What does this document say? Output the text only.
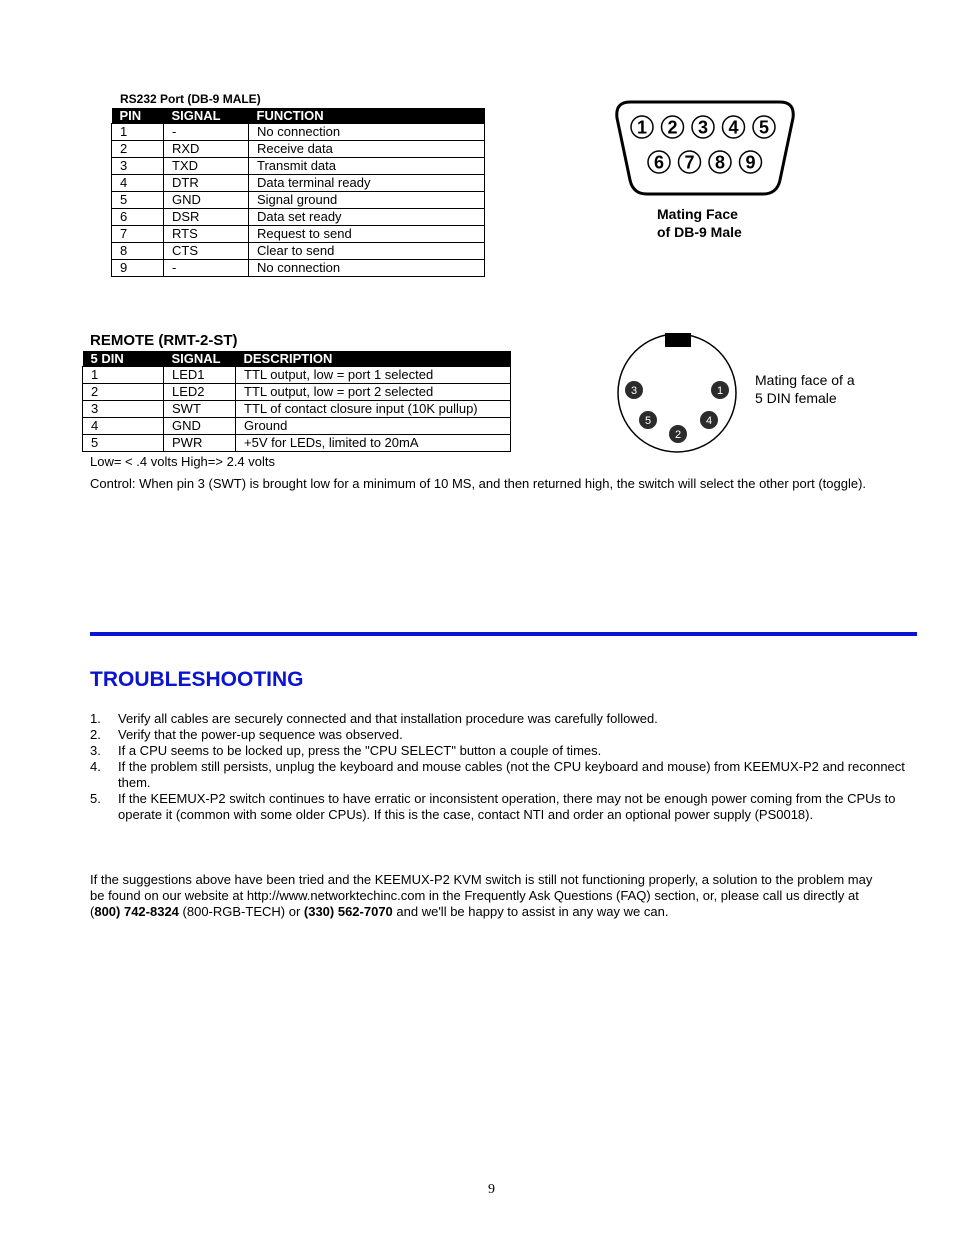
RS232 Port (DB-9 MALE)
PIN	SIGNAL	FUNCTION
1	-	No connection
2	RXD	Receive data
3	TXD	Transmit data
4	DTR	Data terminal ready
5	GND	Signal ground
6	DSR	Data set ready
7	RTS	Request to send
8	CTS	Clear to send
9	-	No connection
1 2 3 4 5
6 7 8 9
Mating Face
of DB-9 Male
REMOTE (RMT-2-ST)
5 DIN	SIGNAL	DESCRIPTION
1	LED1	TTL output, low = port 1 selected
2	LED2	TTL output, low = port 2 selected
3	SWT	TTL of contact closure input (10K pullup)
4	GND	Ground
5	PWR	+5V for LEDs, limited to 20mA
Low= < .4 volts High=> 2.4 volts
Control: When pin 3 (SWT) is brought low for a minimum of 10 MS, and then returned high, the switch will select the other port (toggle).
1
2
3
4
5
Mating face of a
5 DIN female
TROUBLESHOOTING
1. Verify all cables are securely connected and that installation procedure was carefully followed.
2. Verify that the power-up sequence was observed.
3. If a CPU seems to be locked up, press the "CPU SELECT" button a couple of times.
4. If the problem still persists, unplug the keyboard and mouse cables (not the CPU keyboard and mouse) from KEEMUX-P2 and reconnect them.
5. If the KEEMUX-P2 switch continues to have erratic or inconsistent operation, there may not be enough power coming from the CPUs to operate it (common with some older CPUs). If this is the case, contact NTI and order an optional power supply (PS0018).
If the suggestions above have been tried and the KEEMUX-P2 KVM switch is still not functioning properly, a solution to the problem may be found on our website at http://www.networktechinc.com in the Frequently Ask Questions (FAQ) section, or, please call us directly at (800) 742-8324 (800-RGB-TECH) or (330) 562-7070 and we'll be happy to assist in any way we can.
9
